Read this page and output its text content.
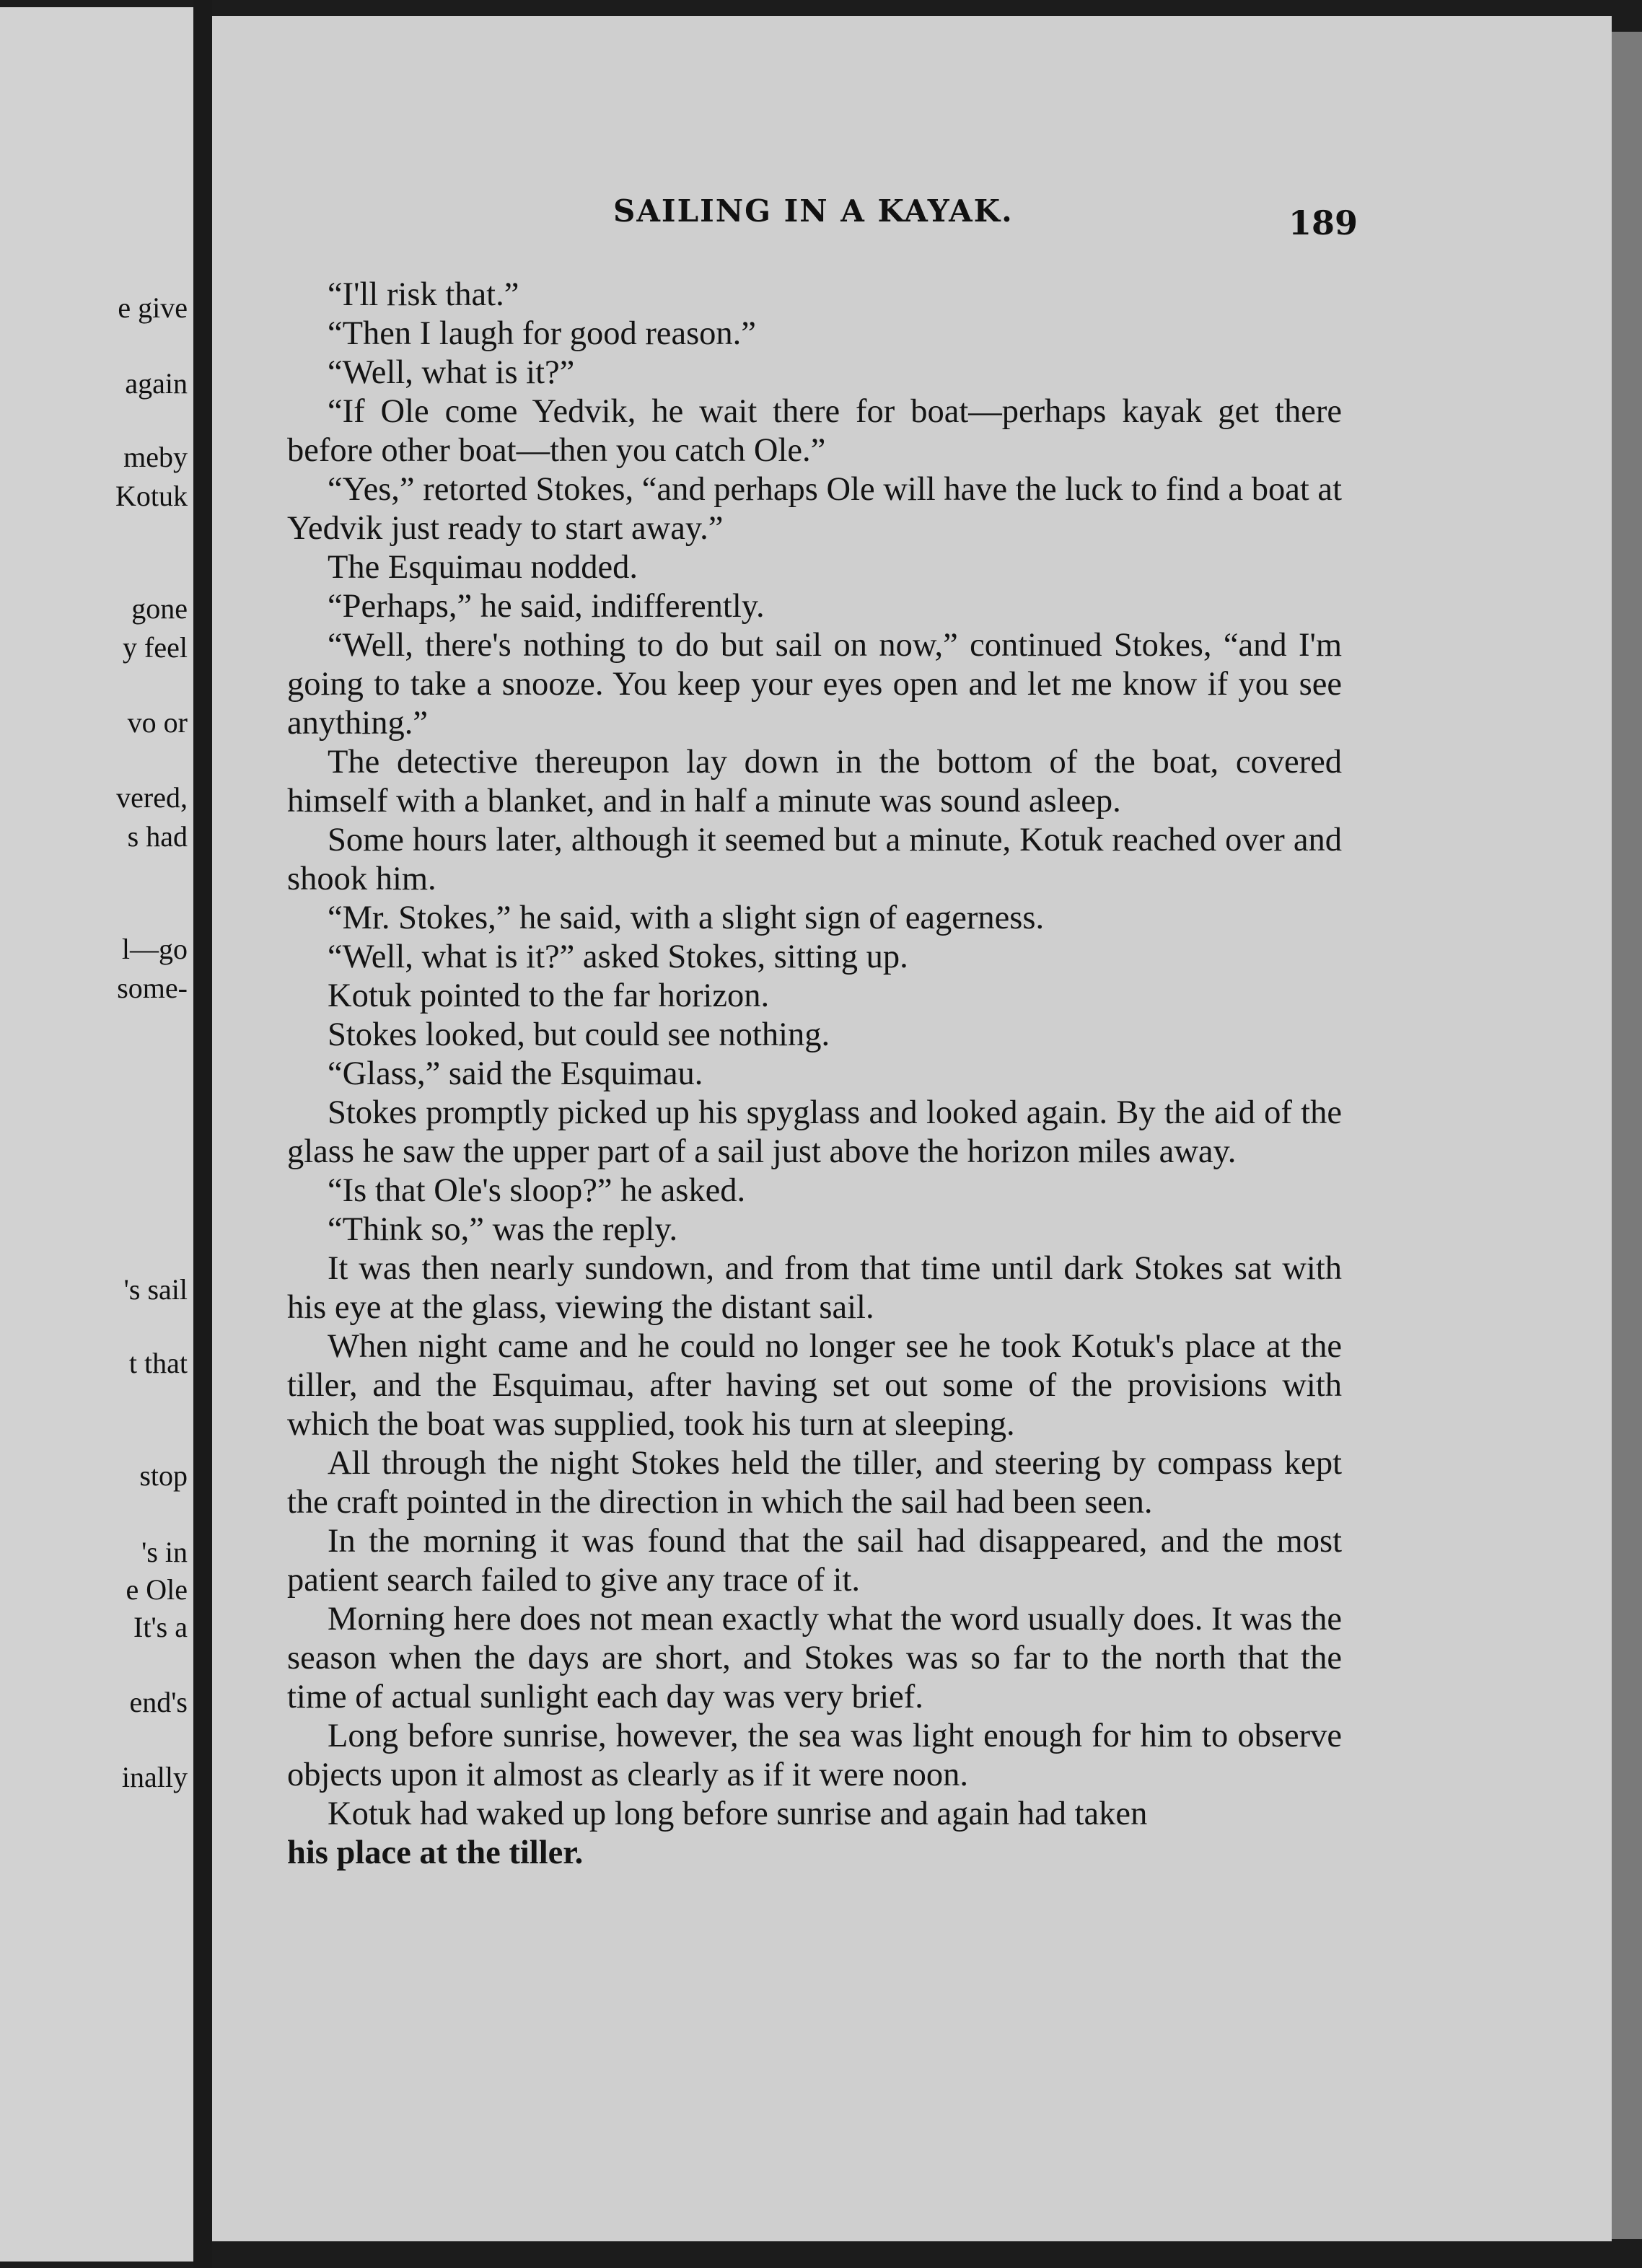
e give
again
meby
Kotuk
gone
y feel
vo or
vered,
s had
l—go
some-
's sail
t that
stop
's in
e Ole
It's a
end's
inally
SAILING IN A KAYAK.	189

“I'll risk that.”

“Then I laugh for good reason.”

“Well, what is it?”

“If Ole come Yedvik, he wait there for boat—perhaps kayak get there before other boat—then you catch Ole.”

“Yes,” retorted Stokes, “and perhaps Ole will have the luck to find a boat at Yedvik just ready to start away.”

The Esquimau nodded.

“Perhaps,” he said, indifferently.

“Well, there's nothing to do but sail on now,” continued Stokes, “and I'm going to take a snooze. You keep your eyes open and let me know if you see anything.”

The detective thereupon lay down in the bottom of the boat, covered himself with a blanket, and in half a minute was sound asleep.

Some hours later, although it seemed but a minute, Kotuk reached over and shook him.

“Mr. Stokes,” he said, with a slight sign of eagerness.

“Well, what is it?” asked Stokes, sitting up.

Kotuk pointed to the far horizon.

Stokes looked, but could see nothing.

“Glass,” said the Esquimau.

Stokes promptly picked up his spyglass and looked again. By the aid of the glass he saw the upper part of a sail just above the horizon miles away.

“Is that Ole's sloop?” he asked.

“Think so,” was the reply.

It was then nearly sundown, and from that time until dark Stokes sat with his eye at the glass, viewing the distant sail.

When night came and he could no longer see he took Kotuk's place at the tiller, and the Esquimau, after having set out some of the provisions with which the boat was supplied, took his turn at sleeping.

All through the night Stokes held the tiller, and steering by compass kept the craft pointed in the direction in which the sail had been seen.

In the morning it was found that the sail had disappeared, and the most patient search failed to give any trace of it.

Morning here does not mean exactly what the word usually does. It was the season when the days are short, and Stokes was so far to the north that the time of actual sunlight each day was very brief.

Long before sunrise, however, the sea was light enough for him to observe objects upon it almost as clearly as if it were noon.

Kotuk had waked up long before sunrise and again had taken

his place at the tiller.
